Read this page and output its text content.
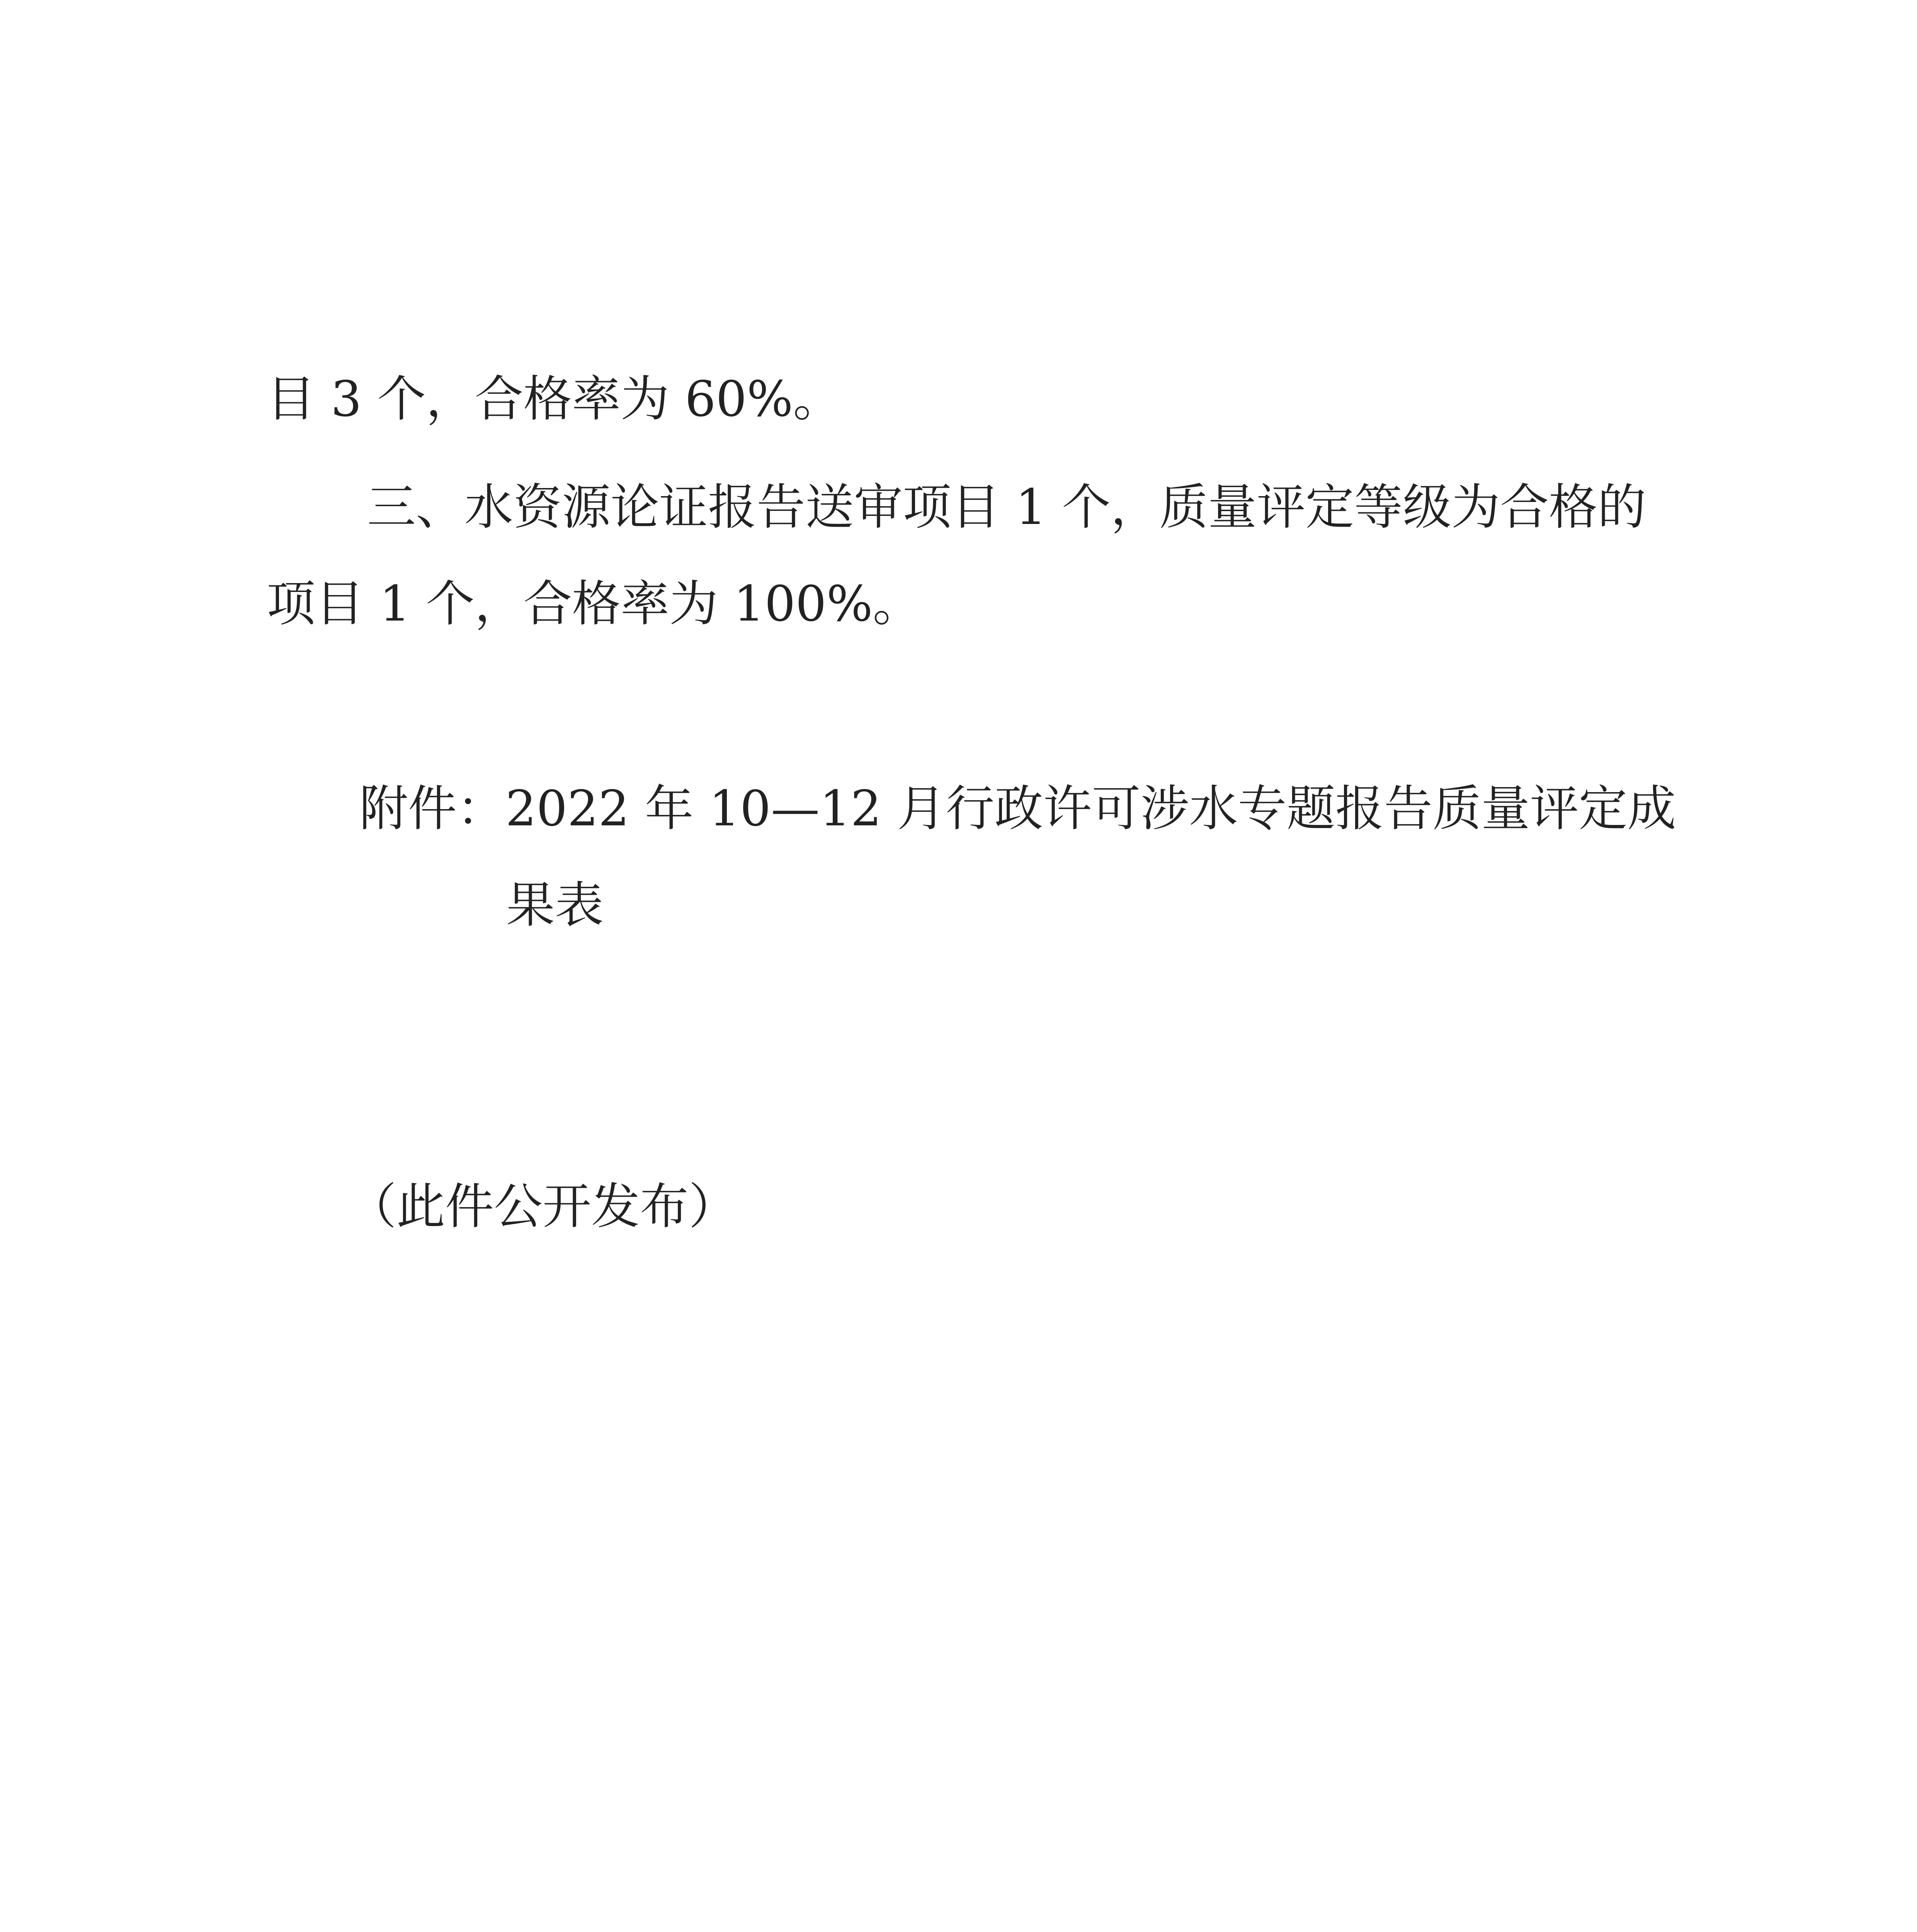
目 3 个，合格率为 60%。
三、水资源论证报告送审项目 1 个，质量评定等级为合格的
项目 1 个，合格率为 100%。
附件：2022 年 10—12 月行政许可涉水专题报告质量评定成
果表
（此件公开发布）
